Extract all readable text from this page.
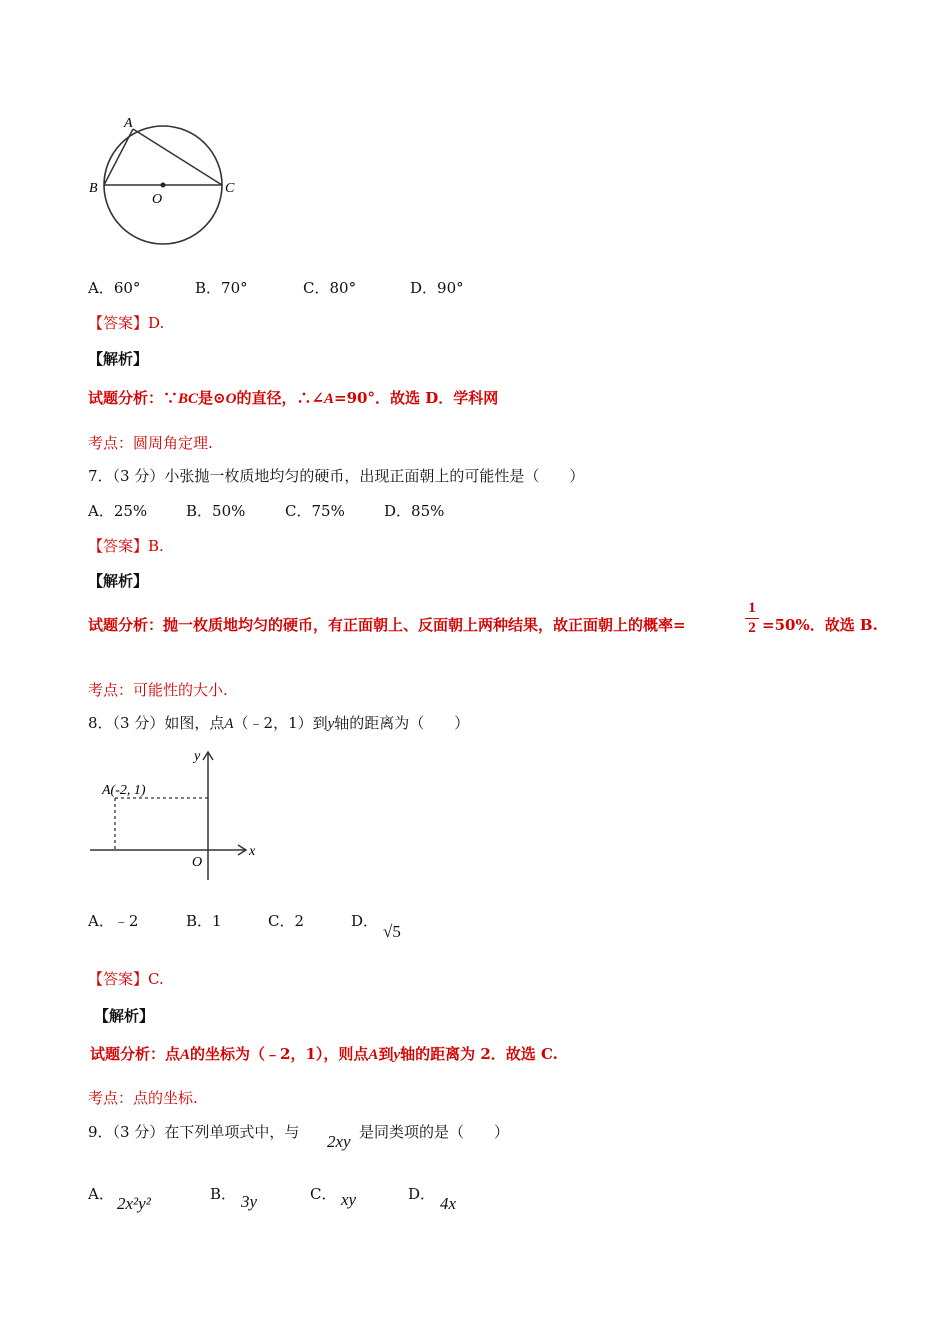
A
B	C
O
A．60°	B．70°	C．80°	D．90°
【答案】D.
【解析】
试题分析：∵BC是⊙O的直径，∴∠A=90°．故选 D．学科网
考点：圆周角定理.
7．（3 分）小张抛一枚质地均匀的硬币，出现正面朝上的可能性是（　　）
A．25%	B．50%	C．75%	D．85%
【答案】B.
【解析】
试题分析：抛一枚质地均匀的硬币，有正面朝上、反面朝上两种结果，故正面朝上的概率=
1
2 =50%．故选 B.
考点：可能性的大小.
8．（3 分）如图，点A（﹣2，1）到y轴的距离为（　　）
A(-2, 1)
y
x
O
A．﹣2	B．1	C．2	D．
√5
【答案】C.
【解析】
试题分析：点A的坐标为（﹣2，1），则点A到y轴的距离为 2．故选 C.
考点：点的坐标.
9．（3 分）在下列单项式中，与 2xy 是同类项的是（　　）
A．	B．	C．	D．
2x²y²	3y	xy	4x
